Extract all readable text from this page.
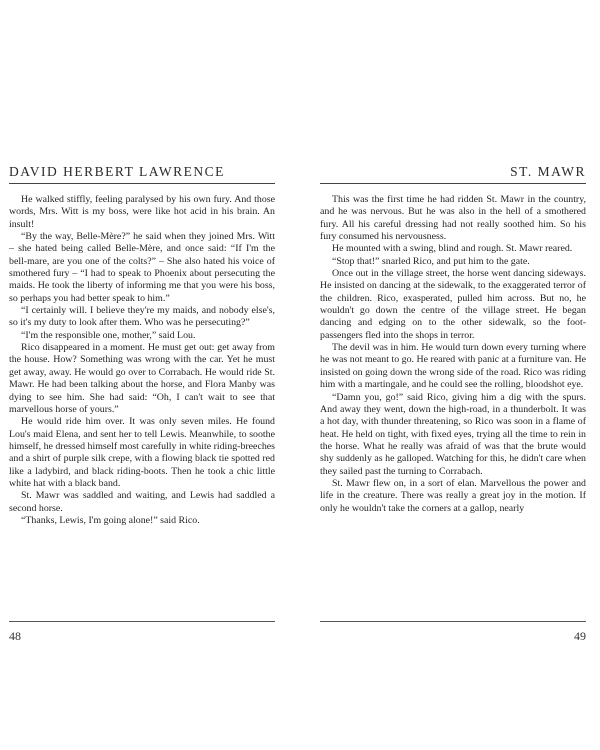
DAVID HERBERT LAWRENCE

He walked stiffly, feeling paralysed by his own fury. And those words, Mrs. Witt is my boss, were like hot acid in his brain. An insult!

“By the way, Belle-Mère?” he said when they joined Mrs. Witt – she hated being called Belle-Mère, and once said: “If I'm the bell-mare, are you one of the colts?” – She also hated his voice of smothered fury – “I had to speak to Phoenix about persecuting the maids. He took the liberty of informing me that you were his boss, so perhaps you had better speak to him.”

“I certainly will. I believe they're my maids, and nobody else's, so it's my duty to look after them. Who was he persecuting?”

“I'm the responsible one, mother,” said Lou.

Rico disappeared in a moment. He must get out: get away from the house. How? Something was wrong with the car. Yet he must get away, away. He would go over to Corrabach. He would ride St. Mawr. He had been talking about the horse, and Flora Manby was dying to see him. She had said: “Oh, I can't wait to see that marvellous horse of yours.”

He would ride him over. It was only seven miles. He found Lou's maid Elena, and sent her to tell Lewis. Meanwhile, to soothe himself, he dressed himself most carefully in white riding-breeches and a shirt of purple silk crepe, with a flowing black tie spotted red like a ladybird, and black riding-boots. Then he took a chic little white hat with a black band.

St. Mawr was saddled and waiting, and Lewis had saddled a second horse.

“Thanks, Lewis, I'm going alone!” said Rico.

48
ST. MAWR

This was the first time he had ridden St. Mawr in the country, and he was nervous. But he was also in the hell of a smothered fury. All his careful dressing had not really soothed him. So his fury consumed his nervousness.

He mounted with a swing, blind and rough. St. Mawr reared.

“Stop that!” snarled Rico, and put him to the gate.

Once out in the village street, the horse went dancing sideways. He insisted on dancing at the sidewalk, to the exaggerated terror of the children. Rico, exasperated, pulled him across. But no, he wouldn't go down the centre of the village street. He began dancing and edging on to the other sidewalk, so the foot-passengers fled into the shops in terror.

The devil was in him. He would turn down every turning where he was not meant to go. He reared with panic at a furniture van. He insisted on going down the wrong side of the road. Rico was riding him with a martingale, and he could see the rolling, bloodshot eye.

“Damn you, go!” said Rico, giving him a dig with the spurs. And away they went, down the high-road, in a thunderbolt. It was a hot day, with thunder threatening, so Rico was soon in a flame of heat. He held on tight, with fixed eyes, trying all the time to rein in the horse. What he really was afraid of was that the brute would shy suddenly as he galloped. Watching for this, he didn't care when they sailed past the turning to Corrabach.

St. Mawr flew on, in a sort of elan. Marvellous the power and life in the creature. There was really a great joy in the motion. If only he wouldn't take the corners at a gallop, nearly

49
